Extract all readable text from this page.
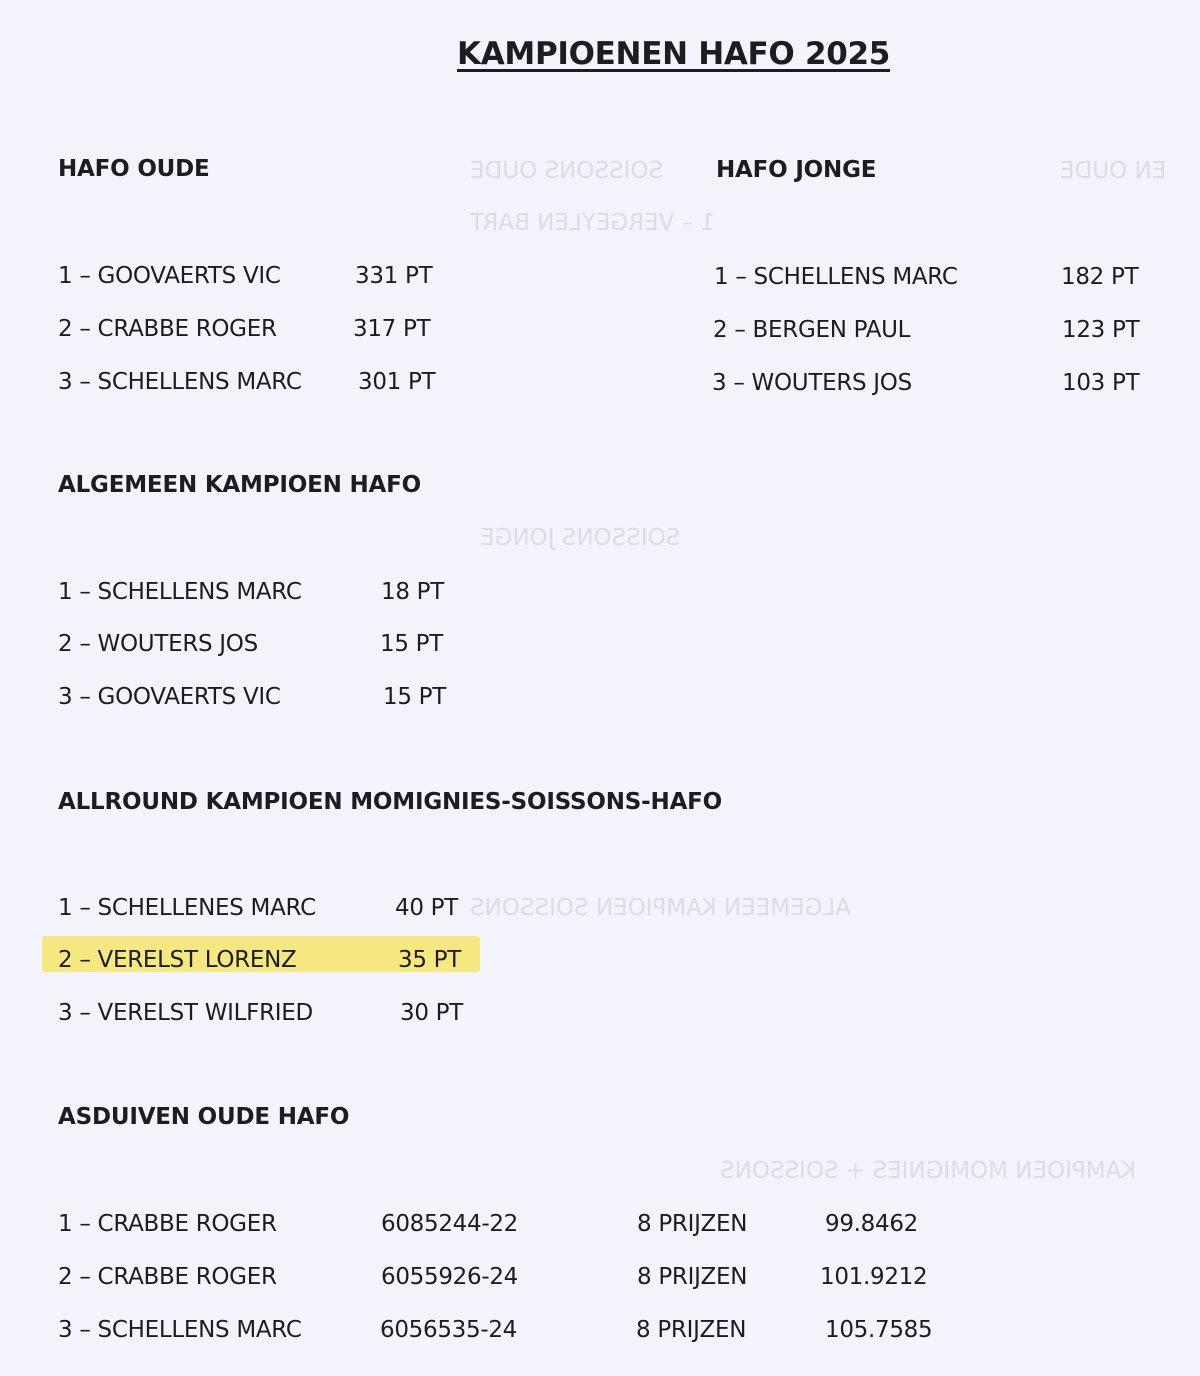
SOISSONS OUDE
1 – VERGEYLEN BART
EN OUDE
SOISSONS JONGE
ALGEMEEN KAMPIOEN SOISSONS
KAMPIOEN MOMIGNIES + SOISSONS
KAMPIOENEN HAFO 2025
HAFO OUDE
1 – GOOVAERTS VIC	331 PT
2 – CRABBE ROGER	317 PT
3 – SCHELLENS MARC 301 PT
HAFO JONGE
1 – SCHELLENS MARC	182 PT
2 – BERGEN PAUL	123 PT
3 – WOUTERS JOS	103 PT
ALGEMEEN KAMPIOEN HAFO
1 – SCHELLENS MARC	18 PT
2 – WOUTERS JOS	15 PT
3 – GOOVAERTS VIC	15 PT
ALLROUND KAMPIOEN MOMIGNIES-SOISSONS-HAFO
1 – SCHELLENES MARC	40 PT
2 – VERELST LORENZ	35 PT
3 – VERELST WILFRIED	30 PT
ASDUIVEN OUDE HAFO
1 – CRABBE ROGER	6085244-22	8 PRIJZEN	99.8462
2 – CRABBE ROGER	6055926-24	8 PRIJZEN	101.9212
3 – SCHELLENS MARC	6056535-24	8 PRIJZEN	105.7585
